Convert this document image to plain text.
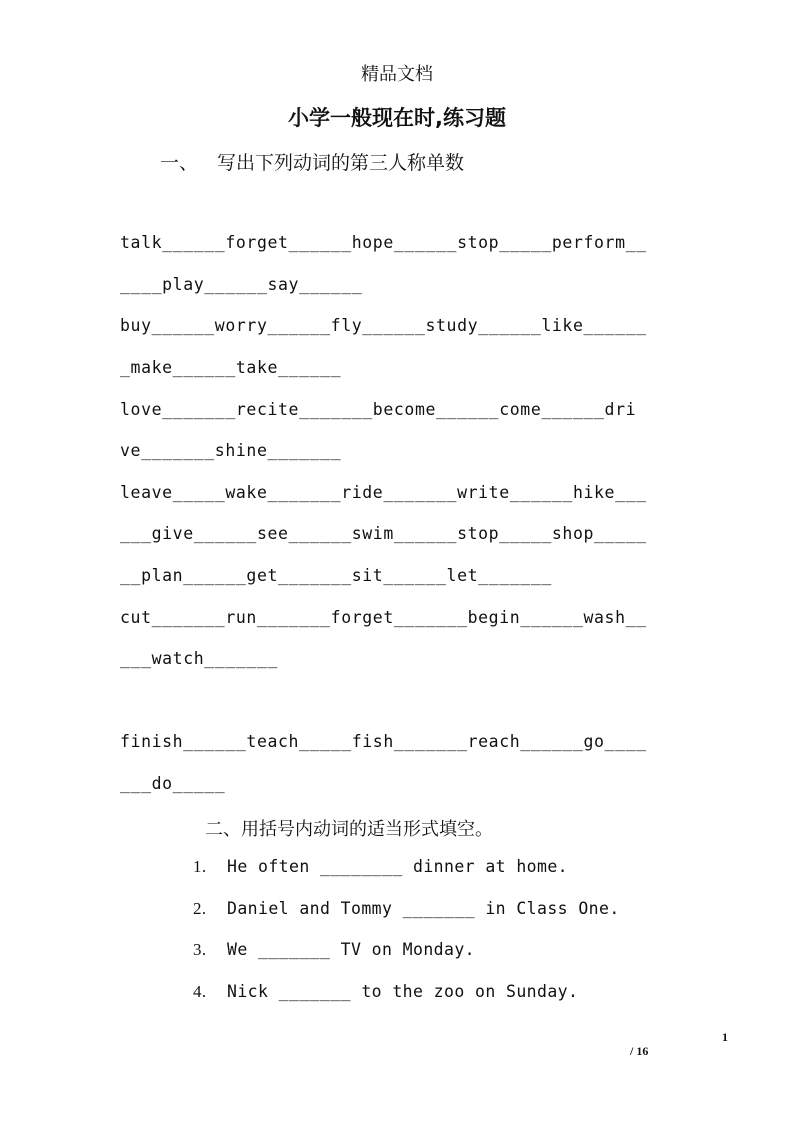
精品文档
小学一般现在时,练习题
一、 写出下列动词的第三人称单数
talk______forget______hope______stop_____perform__
____play______say______
buy______worry______fly______study______like______
_make______take______
love_______recite_______become______come______dri
ve_______shine_______
leave_____wake_______ride_______write______hike___
___give______see______swim______stop_____shop_____
__plan______get_______sit______let_______
cut_______run_______forget_______begin______wash__
___watch_______
finish______teach_____fish_______reach______go____
___do_____
二、用括号内动词的适当形式填空。
1. He often ________ dinner at home.
2. Daniel and Tommy _______ in Class One.
3. We _______ TV on Monday.
4. Nick _______ to the zoo on Sunday.
1
/ 16
